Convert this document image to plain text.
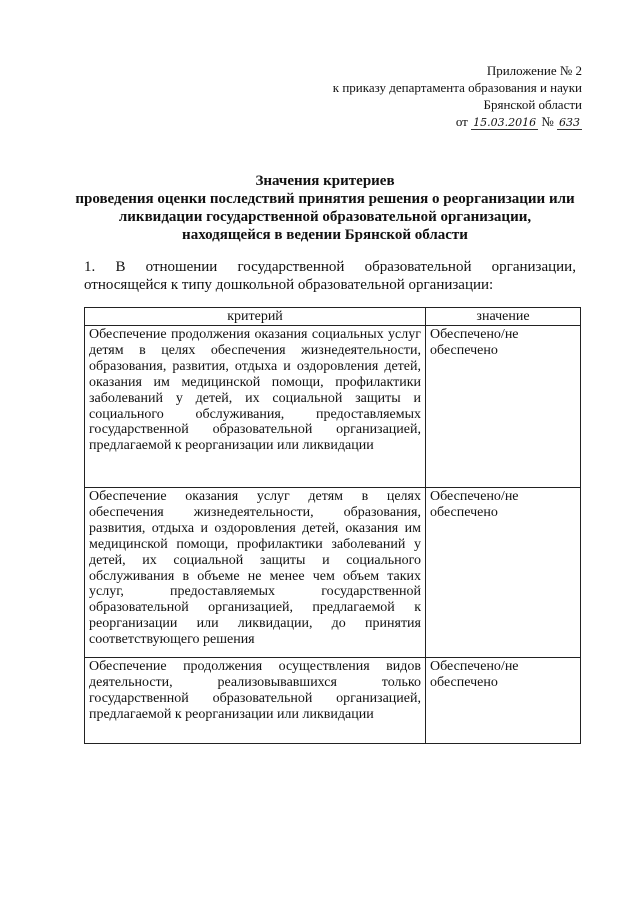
Приложение № 2
к приказу департамента образования и науки
Брянской области
от 15.03.2016 № 633
Значения критериев
проведения оценки последствий принятия решения о реорганизации или
ликвидации государственной образовательной организации,
находящейся в ведении Брянской области
1. В отношении государственной образовательной организации,
относящейся к типу дошкольной образовательной организации:
критерий	значение
Обеспечение продолжения оказания социальных услуг детям в целях обеспечения жизнедеятельности, образования, развития, отдыха и оздоровления детей, оказания им медицинской помощи, профилактики заболеваний у детей, их социальной защиты и социального обслуживания, предоставляемых государственной образовательной организацией, предлагаемой к реорганизации или ликвидации	Обеспечено/не обеспечено
Обеспечение оказания услуг детям в целях обеспечения жизнедеятельности, образования, развития, отдыха и оздоровления детей, оказания им медицинской помощи, профилактики заболеваний у детей, их социальной защиты и социального обслуживания в объеме не менее чем объем таких услуг, предоставляемых государственной образовательной организацией, предлагаемой к реорганизации или ликвидации, до принятия соответствующего решения	Обеспечено/не обеспечено
Обеспечение продолжения осуществления видов деятельности, реализовывавшихся только государственной образовательной организацией, предлагаемой к реорганизации или ликвидации	Обеспечено/не обеспечено
